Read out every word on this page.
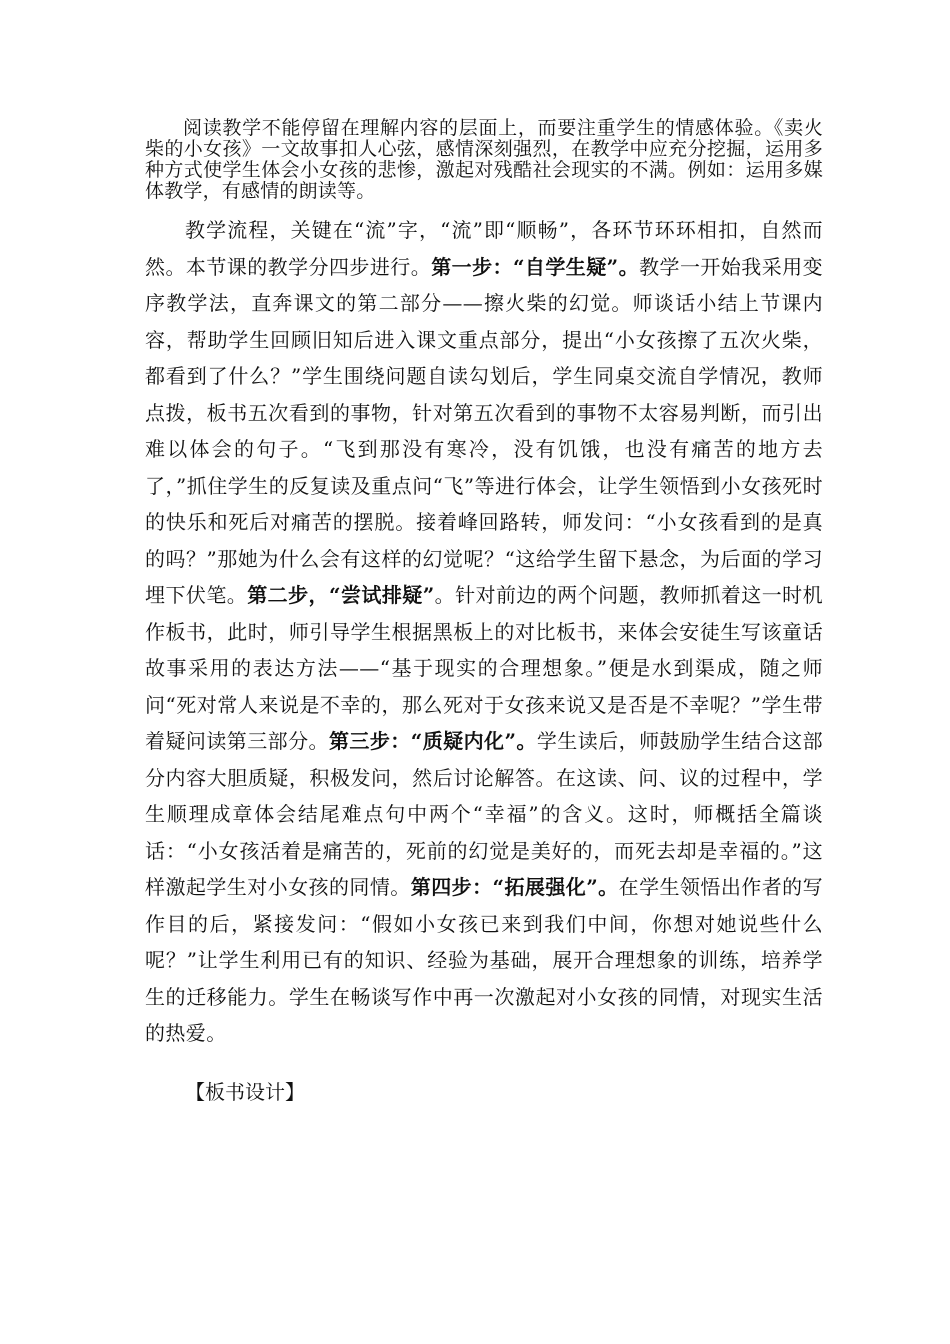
阅读教学不能停留在理解内容的层面上，而要注重学生的情感体验。《卖火柴的小女孩》一文故事扣人心弦，感情深刻强烈，在教学中应充分挖掘，运用多种方式使学生体会小女孩的悲惨，激起对残酷社会现实的不满。例如：运用多媒体教学，有感情的朗读等。

教学流程，关键在“流”字，“流”即“顺畅”，各环节环环相扣，自然而然。本节课的教学分四步进行。第一步：“自学生疑”。教学一开始我采用变序教学法，直奔课文的第二部分——擦火柴的幻觉。师谈话小结上节课内容，帮助学生回顾旧知后进入课文重点部分，提出“小女孩擦了五次火柴，都看到了什么？”学生围绕问题自读勾划后，学生同桌交流自学情况，教师点拨，板书五次看到的事物，针对第五次看到的事物不太容易判断，而引出难以体会的句子。“飞到那没有寒冷，没有饥饿，也没有痛苦的地方去了，”抓住学生的反复读及重点问“飞”等进行体会，让学生领悟到小女孩死时的快乐和死后对痛苦的摆脱。接着峰回路转，师发问：“小女孩看到的是真的吗？”那她为什么会有这样的幻觉呢？“这给学生留下悬念，为后面的学习埋下伏笔。第二步，“尝试排疑”。针对前边的两个问题，教师抓着这一时机作板书，此时，师引导学生根据黑板上的对比板书，来体会安徒生写该童话故事采用的表达方法——“基于现实的合理想象。”便是水到渠成，随之师问“死对常人来说是不幸的，那么死对于女孩来说又是否是不幸呢？”学生带着疑问读第三部分。第三步：“质疑内化”。学生读后，师鼓励学生结合这部分内容大胆质疑，积极发问，然后讨论解答。在这读、问、议的过程中，学生顺理成章体会结尾难点句中两个“幸福”的含义。这时，师概括全篇谈话：“小女孩活着是痛苦的，死前的幻觉是美好的，而死去却是幸福的。”这样激起学生对小女孩的同情。第四步：“拓展强化”。在学生领悟出作者的写作目的后，紧接发问：“假如小女孩已来到我们中间，你想对她说些什么呢？”让学生利用已有的知识、经验为基础，展开合理想象的训练，培养学生的迁移能力。学生在畅谈写作中再一次激起对小女孩的同情，对现实生活的热爱。

【板书设计】
